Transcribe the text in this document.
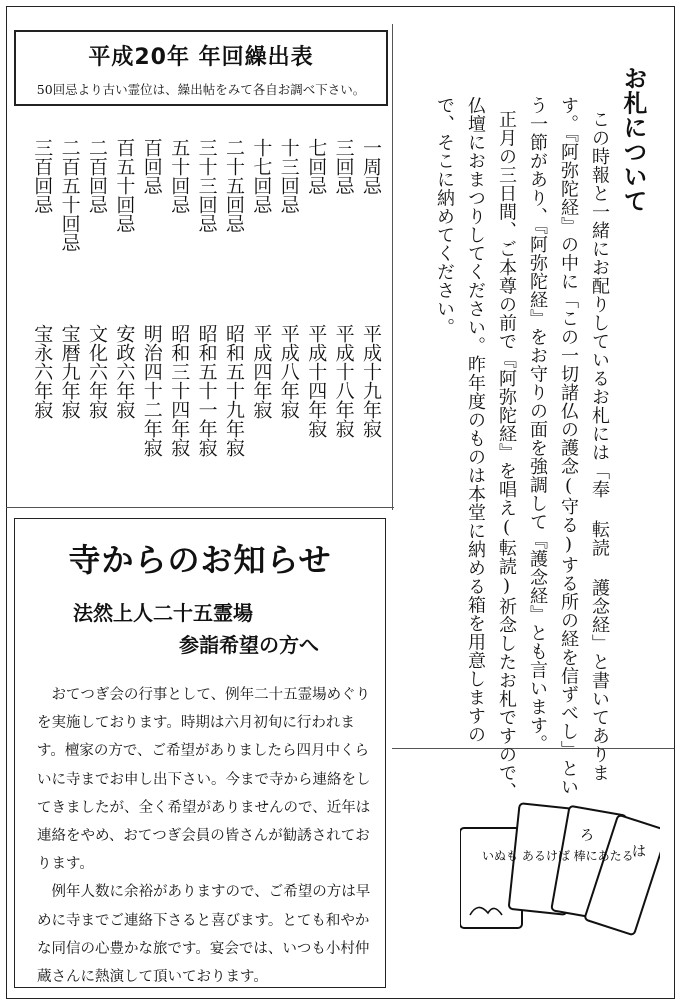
平成20年 年回繰出表
50回忌より古い霊位は、繰出帖をみて各自お調べ下さい。
一周忌
平成十九年寂
三回忌
平成十八年寂
七回忌
平成十四年寂
十三回忌
平成八年寂
十七回忌
平成四年寂
二十五回忌
昭和五十九年寂
三十三回忌
昭和五十一年寂
五十回忌
昭和三十四年寂
百回忌
明治四十二年寂
百五十回忌
安政六年寂
二百回忌
文化六年寂
二百五十回忌
宝暦九年寂
三百回忌
宝永六年寂
お札について
この時報と一緒にお配りしているお札には「奉 転読 護念経」と書いてありま
す。『阿弥陀経』の中に「この一切諸仏の護念(守る)する所の経を信ずべし」とい
う一節があり、『阿弥陀経』をお守りの面を強調して『護念経』とも言います。
正月の三日間、ご本尊の前で『阿弥陀経』を唱え(転読)祈念したお札ですので、
仏壇におまつりしてください。昨年度のものは本堂に納める箱を用意しますの
で、そこに納めてください。
寺からのお知らせ
法然上人二十五霊場
参詣希望の方へ

　おてつぎ会の行事として、例年二十五霊場めぐりを実施しております。時期は六月初旬に行われます。檀家の方で、ご希望がありましたら四月中くらいに寺までお申し出下さい。今まで寺から連絡をしてきましたが、全く希望がありませんので、近年は連絡をやめ、おてつぎ会員の皆さんが勧誘されております。

　例年人数に余裕がありますので、ご希望の方は早めに寺までご連絡下さると喜びます。とても和やかな同信の心豊かな旅です。宴会では、いつも小村仲蔵さんに熱演して頂いております。

いぬも あるけば 棒にあたる
ろ
は
